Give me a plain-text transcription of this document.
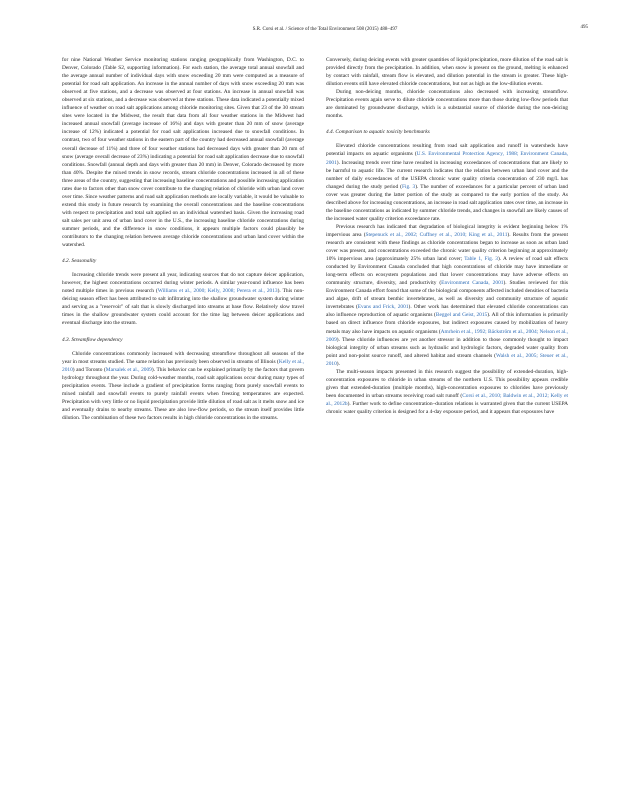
S.R. Corsi et al. / Science of the Total Environment 508 (2015) 488–497	495

for nine National Weather Service monitoring stations ranging geographically from Washington, D.C. to Denver, Colorado (Table S2, supporting information). For each station, the average total annual snowfall and the average annual number of individual days with snow exceeding 20 mm were computed as a measure of potential for road salt application. An increase in the annual number of days with snow exceeding 20 mm was observed at five stations, and a decrease was observed at four stations. An increase in annual snowfall was observed at six stations, and a decrease was observed at three stations. These data indicated a potentially mixed influence of weather on road salt applications among chloride monitoring sites. Given that 23 of the 30 stream sites were located in the Midwest, the result that data from all four weather stations in the Midwest had increased annual snowfall (average increase of 16%) and days with greater than 20 mm of snow (average increase of 12%) indicated a potential for road salt applications increased due to snowfall conditions. In contrast, two of four weather stations in the eastern part of the country had decreased annual snowfall (average overall decrease of 11%) and three of four weather stations had decreased days with greater than 20 mm of snow (average overall decrease of 23%) indicating a potential for road salt application decrease due to snowfall conditions. Snowfall (annual depth and days with greater than 20 mm) in Denver, Colorado decreased by more than 40%. Despite the mixed trends in snow records, stream chloride concentrations increased in all of these three areas of the country, suggesting that increasing baseline concentrations and possible increasing application rates due to factors other than snow cover contribute to the changing relation of chloride with urban land cover over time. Since weather patterns and road salt application methods are locally variable, it would be valuable to extend this study in future research by examining the overall concentrations and the baseline concentrations with respect to precipitation and total salt applied on an individual watershed basis. Given the increasing road salt sales per unit area of urban land cover in the U.S., the increasing baseline chloride concentrations during summer periods, and the difference in snow conditions, it appears multiple factors could plausibly be contributors to the changing relation between average chloride concentrations and urban land cover within the watershed.

4.2. Seasonality

Increasing chloride trends were present all year, indicating sources that do not capture deicer application, however, the highest concentrations occurred during winter periods. A similar year-round influence has been noted multiple times in previous research (Williams et al., 2000; Kelly, 2008; Perera et al., 2013). This non-deicing season effect has been attributed to salt infiltrating into the shallow groundwater system during winter and serving as a "reservoir" of salt that is slowly discharged into streams at base flow. Relatively slow travel times in the shallow groundwater system could account for the time lag between deicer applications and eventual discharge into the stream.

4.3. Streamflow dependency

Chloride concentrations commonly increased with decreasing streamflow throughout all seasons of the year in most streams studied. The same relation has previously been observed in streams of Illinois (Kelly et al., 2010) and Toronto (Marsalek et al., 2009). This behavior can be explained primarily by the factors that govern hydrology throughout the year. During cold-weather months, road salt applications occur during many types of precipitation events. These include a gradient of precipitation forms ranging from purely snowfall events to mixed rainfall and snowfall events to purely rainfall events when freezing temperatures are expected. Precipitation with very little or no liquid precipitation provide little dilution of road salt as it melts snow and ice and eventually drains to nearby streams. These are also low-flow periods, so the stream itself provides little dilution. The combination of these two factors results in high chloride concentrations in the streams.

Conversely, during deicing events with greater quantities of liquid precipitation, more dilution of the road salt is provided directly from the precipitation. In addition, when snow is present on the ground, melting is enhanced by contact with rainfall, stream flow is elevated, and dilution potential in the stream is greater. These high-dilution events still have elevated chloride concentrations, but not as high as the low-dilution events.

During non-deicing months, chloride concentrations also decreased with increasing streamflow. Precipitation events again serve to dilute chloride concentrations more than those during low-flow periods that are dominated by groundwater discharge, which is a substantial source of chloride during the non-deicing months.

4.4. Comparison to aquatic toxicity benchmarks

Elevated chloride concentrations resulting from road salt application and runoff in watersheds have potential impacts on aquatic organisms (U.S. Environmental Protection Agency, 1988; Environment Canada, 2001). Increasing trends over time have resulted in increasing exceedances of concentrations that are likely to be harmful to aquatic life. The current research indicates that the relation between urban land cover and the number of daily exceedances of the USEPA chronic water quality criteria concentration of 230 mg/L has changed during the study period (Fig. 3). The number of exceedances for a particular percent of urban land cover was greater during the latter portion of the study as compared to the early portion of the study. As described above for increasing concentrations, an increase in road salt application rates over time, an increase in the baseline concentrations as indicated by summer chloride trends, and changes in snowfall are likely causes of the increased water quality criterion exceedance rate.

Previous research has indicated that degradation of biological integrity is evident beginning below 1% impervious area (Stepenuck et al., 2002; Cuffney et al., 2010; King et al., 2011). Results from the present research are consistent with these findings as chloride concentrations began to increase as soon as urban land cover was present, and concentrations exceeded the chronic water quality criterion beginning at approximately 10% impervious area (approximately 25% urban land cover; Table 1, Fig. 3). A review of road salt effects conducted by Environment Canada concluded that high concentrations of chloride may have immediate or long-term effects on ecosystem populations and that lower concentrations may have adverse effects on community structure, diversity, and productivity (Environment Canada, 2001). Studies reviewed for this Environment Canada effort found that some of the biological components affected included densities of bacteria and algae, drift of stream benthic invertebrates, as well as diversity and community structure of aquatic invertebrates (Evans and Frick, 2001). Other work has determined that elevated chloride concentrations can also influence reproduction of aquatic organisms (Beggel and Geist, 2015). All of this information is primarily based on direct influence from chloride exposures, but indirect exposures caused by mobilization of heavy metals may also have impacts on aquatic organisms (Amrhein et al., 1992; Bäckström et al., 2004; Nelson et al., 2009). These chloride influences are yet another stressor in addition to those commonly thought to impact biological integrity of urban streams such as hydraulic and hydrologic factors, degraded water quality from point and non-point source runoff, and altered habitat and stream channels (Walsh et al., 2005; Steuer et al., 2010).

The multi-season impacts presented in this research suggest the possibility of extended-duration, high-concentration exposures to chloride in urban streams of the northern U.S. This possibility appears credible given that extended-duration (multiple months), high-concentration exposures to chlorides have previously been documented in urban streams receiving road salt runoff (Corsi et al., 2010; Baldwin et al., 2012; Kelly et al., 2012b). Further work to define concentration–duration relations is warranted given that the current USEPA chronic water quality criterion is designed for a 4-day exposure period, and it appears that exposures have
